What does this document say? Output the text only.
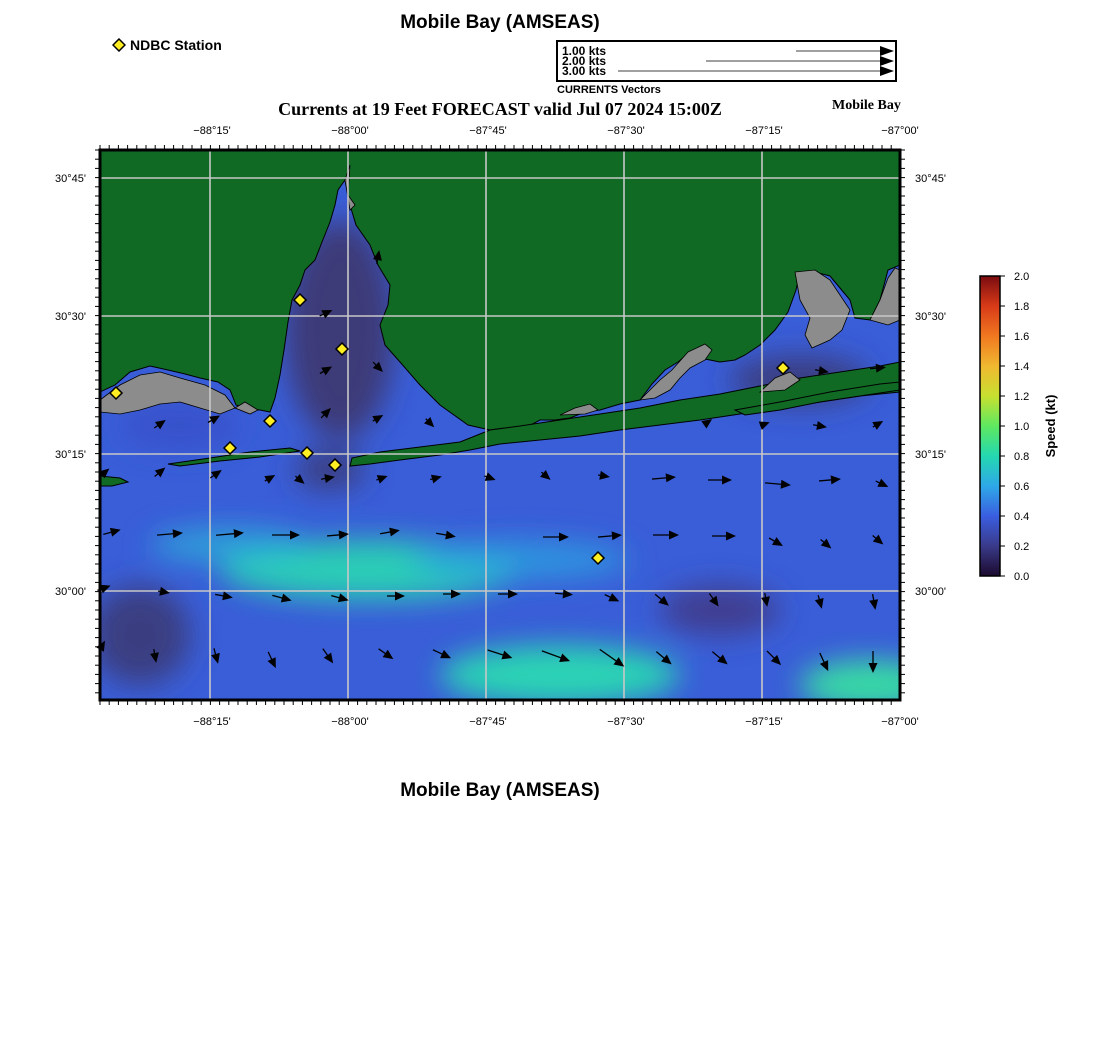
Mobile Bay (AMSEAS)
NDBC Station	1.00 kts
2.00 kts
3.00 kts
CURRENTS Vectors
Currents at 19 Feet FORECAST valid Jul 07 2024 15:00Z	Mobile Bay
−88°15'	−88°00'	−87°45'	−87°30'	−87°15'	−87°00'
−88°15'	−88°00'	−87°45'	−87°30'	−87°15'	−87°00'
30°45'
30°30'
30°15'
30°00'
30°45'
30°30'
30°15'
30°00'
0.0
0.2
0.4
0.6
0.8
1.0
1.2
1.4
1.6
1.8
2.0
Speed (kt)
Mobile Bay (AMSEAS)
